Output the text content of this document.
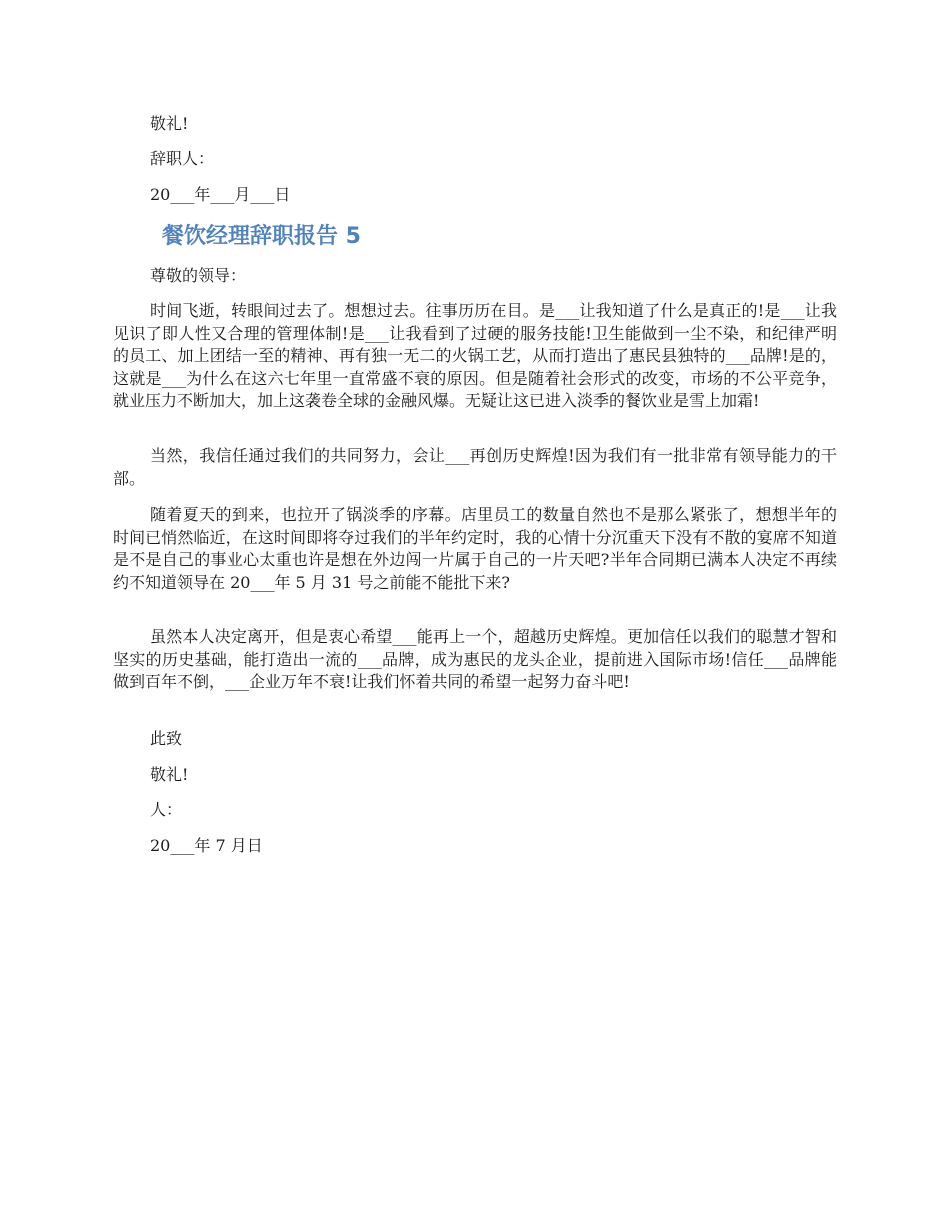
敬礼!
辞职人：
20___年___月___日
餐饮经理辞职报告 5
尊敬的领导：
时间飞逝，转眼间过去了。想想过去。往事历历在目。是___让我知道了什么是真正的!是___让我见识了即人性又合理的管理体制!是___让我看到了过硬的服务技能!卫生能做到一尘不染，和纪律严明的员工、加上团结一至的精神、再有独一无二的火锅工艺，从而打造出了惠民县独特的___品牌!是的，这就是___为什么在这六七年里一直常盛不衰的原因。但是随着社会形式的改变，市场的不公平竞争，就业压力不断加大，加上这袭卷全球的金融风爆。无疑让这已进入淡季的餐饮业是雪上加霜!
当然，我信任通过我们的共同努力，会让___再创历史辉煌!因为我们有一批非常有领导能力的干部。
随着夏天的到来，也拉开了锅淡季的序幕。店里员工的数量自然也不是那么紧张了，想想半年的时间已悄然临近，在这时间即将夺过我们的半年约定时，我的心情十分沉重天下没有不散的宴席不知道是不是自己的事业心太重也许是想在外边闯一片属于自己的一片天吧?半年合同期已满本人决定不再续约不知道领导在 20___年 5 月 31 号之前能不能批下来?
虽然本人决定离开，但是衷心希望___能再上一个，超越历史辉煌。更加信任以我们的聪慧才智和坚实的历史基础，能打造出一流的___品牌，成为惠民的龙头企业，提前进入国际市场!信任___品牌能做到百年不倒，___企业万年不衰!让我们怀着共同的希望一起努力奋斗吧!
此致
敬礼!
人：
20___年 7 月日
